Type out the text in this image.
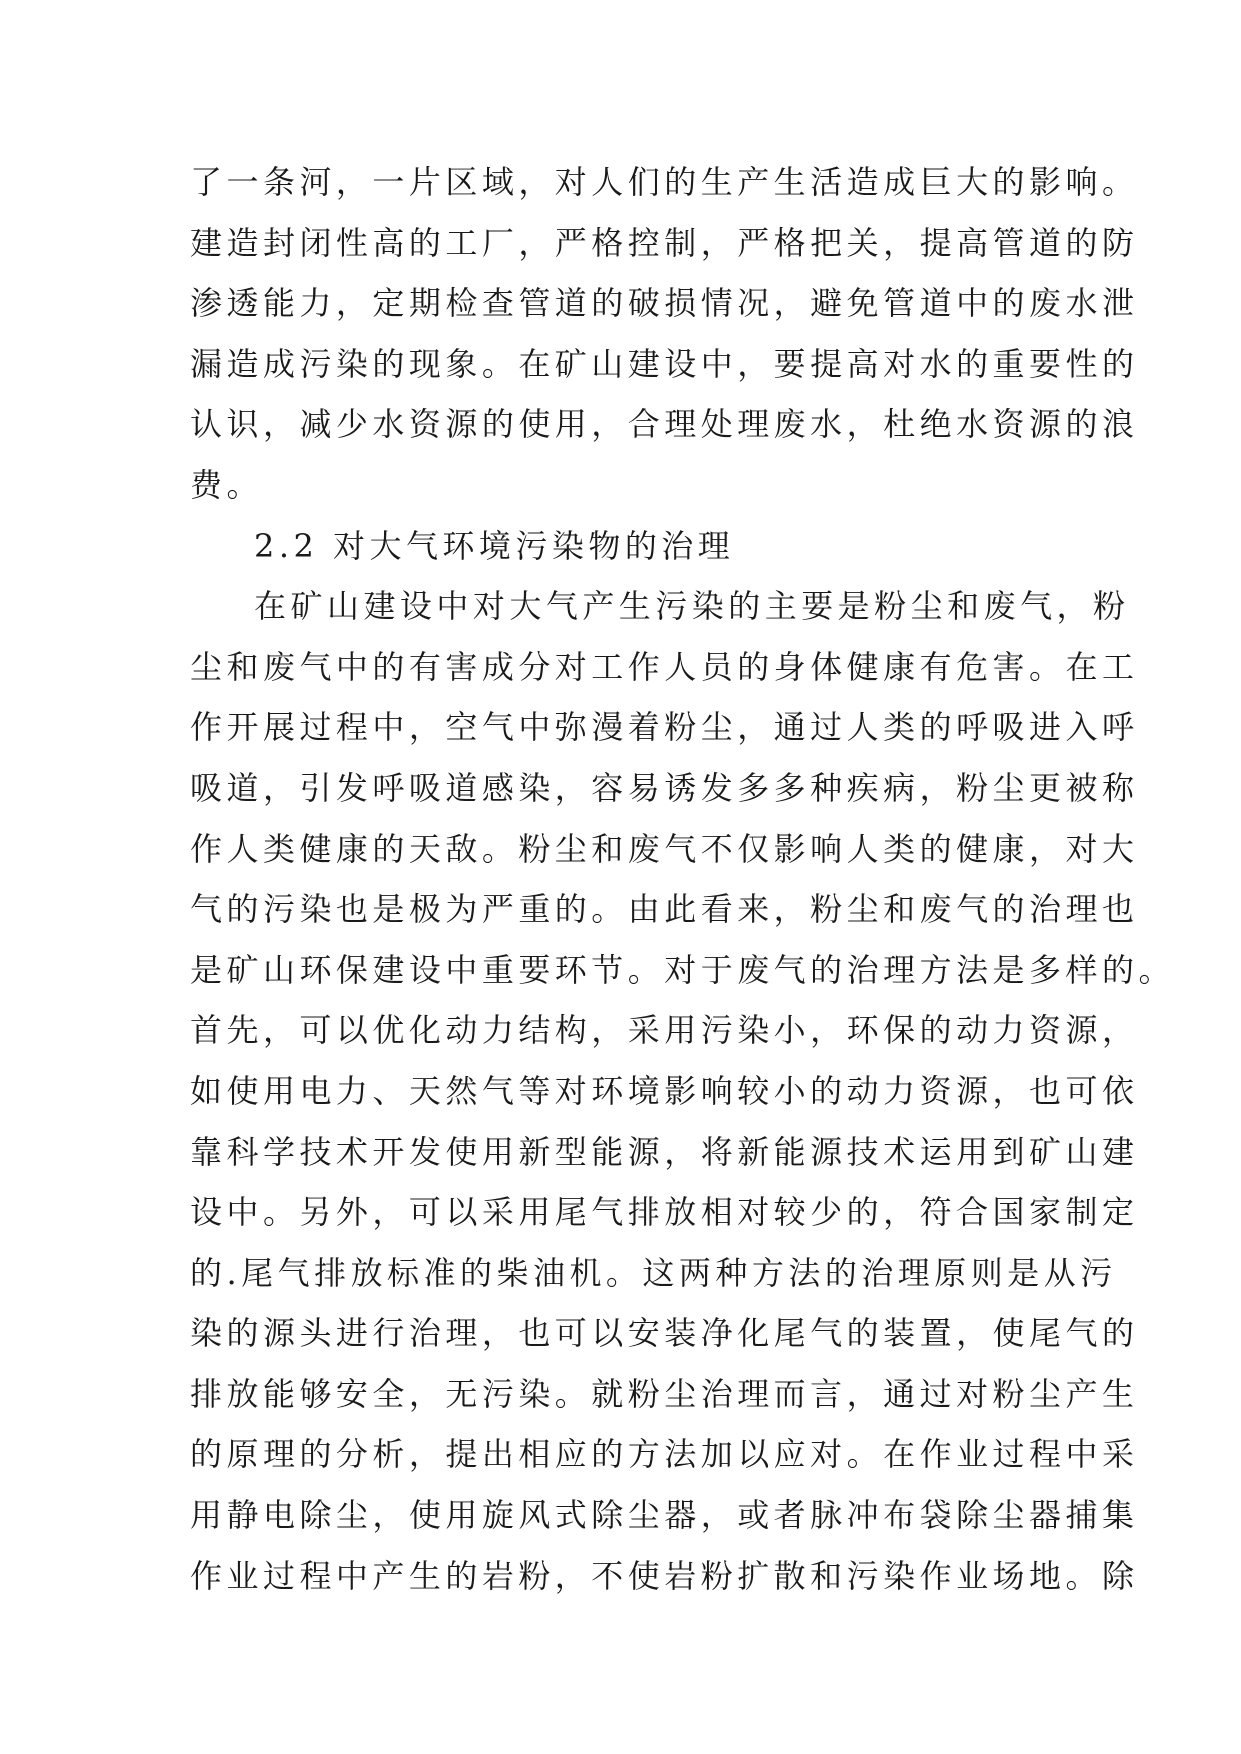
了一条河，一片区域，对人们的生产生活造成巨大的影响。
建造封闭性高的工厂，严格控制，严格把关，提高管道的防
渗透能力，定期检查管道的破损情况，避免管道中的废水泄
漏造成污染的现象。在矿山建设中，要提高对水的重要性的
认识，减少水资源的使用，合理处理废水，杜绝水资源的浪
费。
2.2 对大气环境污染物的治理
在矿山建设中对大气产生污染的主要是粉尘和废气，粉
尘和废气中的有害成分对工作人员的身体健康有危害。在工
作开展过程中，空气中弥漫着粉尘，通过人类的呼吸进入呼
吸道，引发呼吸道感染，容易诱发多多种疾病，粉尘更被称
作人类健康的天敌。粉尘和废气不仅影响人类的健康，对大
气的污染也是极为严重的。由此看来，粉尘和废气的治理也
是矿山环保建设中重要环节。对于废气的治理方法是多样的。
首先，可以优化动力结构，采用污染小，环保的动力资源，
如使用电力、天然气等对环境影响较小的动力资源，也可依
靠科学技术开发使用新型能源，将新能源技术运用到矿山建
设中。另外，可以采用尾气排放相对较少的，符合国家制定
的.尾气排放标准的柴油机。这两种方法的治理原则是从污
染的源头进行治理，也可以安装净化尾气的装置，使尾气的
排放能够安全，无污染。就粉尘治理而言，通过对粉尘产生
的原理的分析，提出相应的方法加以应对。在作业过程中采
用静电除尘，使用旋风式除尘器，或者脉冲布袋除尘器捕集
作业过程中产生的岩粉，不使岩粉扩散和污染作业场地。除
